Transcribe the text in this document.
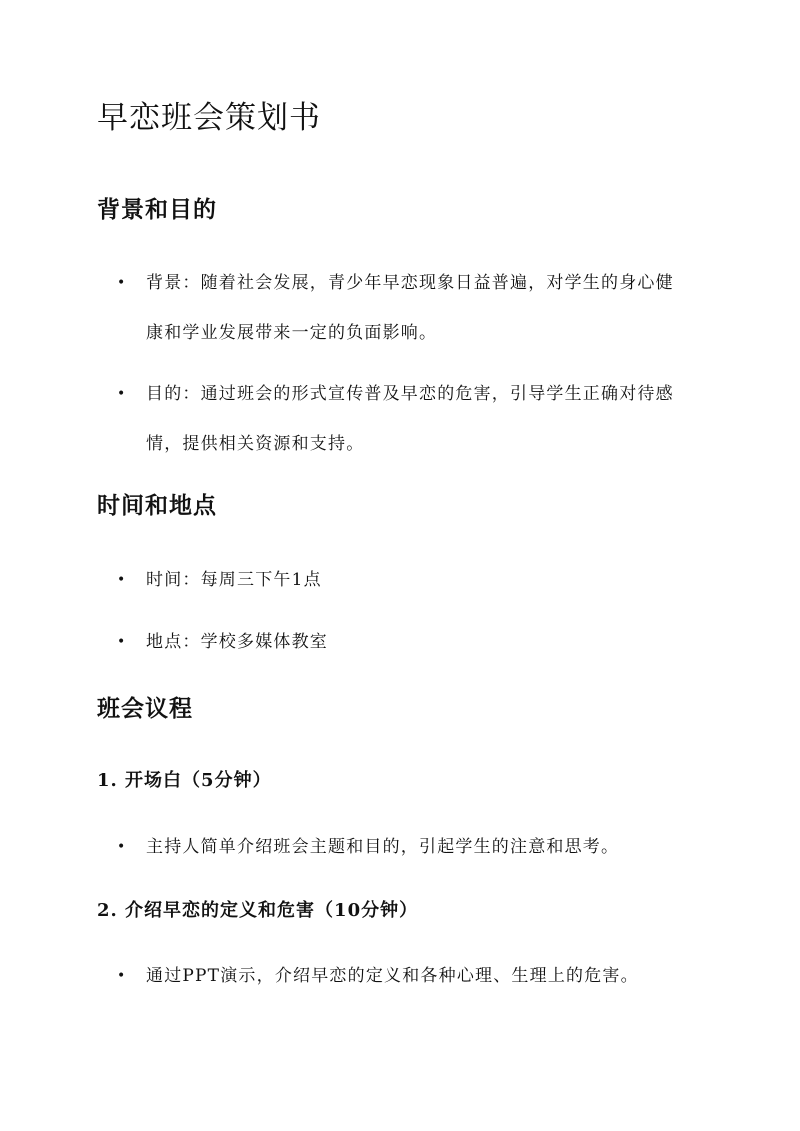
早恋班会策划书
背景和目的
• 背景：随着社会发展，青少年早恋现象日益普遍，对学生的身心健康和学业发展带来一定的负面影响。
• 目的：通过班会的形式宣传普及早恋的危害，引导学生正确对待感情，提供相关资源和支持。
时间和地点
• 时间：每周三下午1点
• 地点：学校多媒体教室
班会议程
1. 开场白（5分钟）
• 主持人简单介绍班会主题和目的，引起学生的注意和思考。
2. 介绍早恋的定义和危害（10分钟）
• 通过PPT演示，介绍早恋的定义和各种心理、生理上的危害。
